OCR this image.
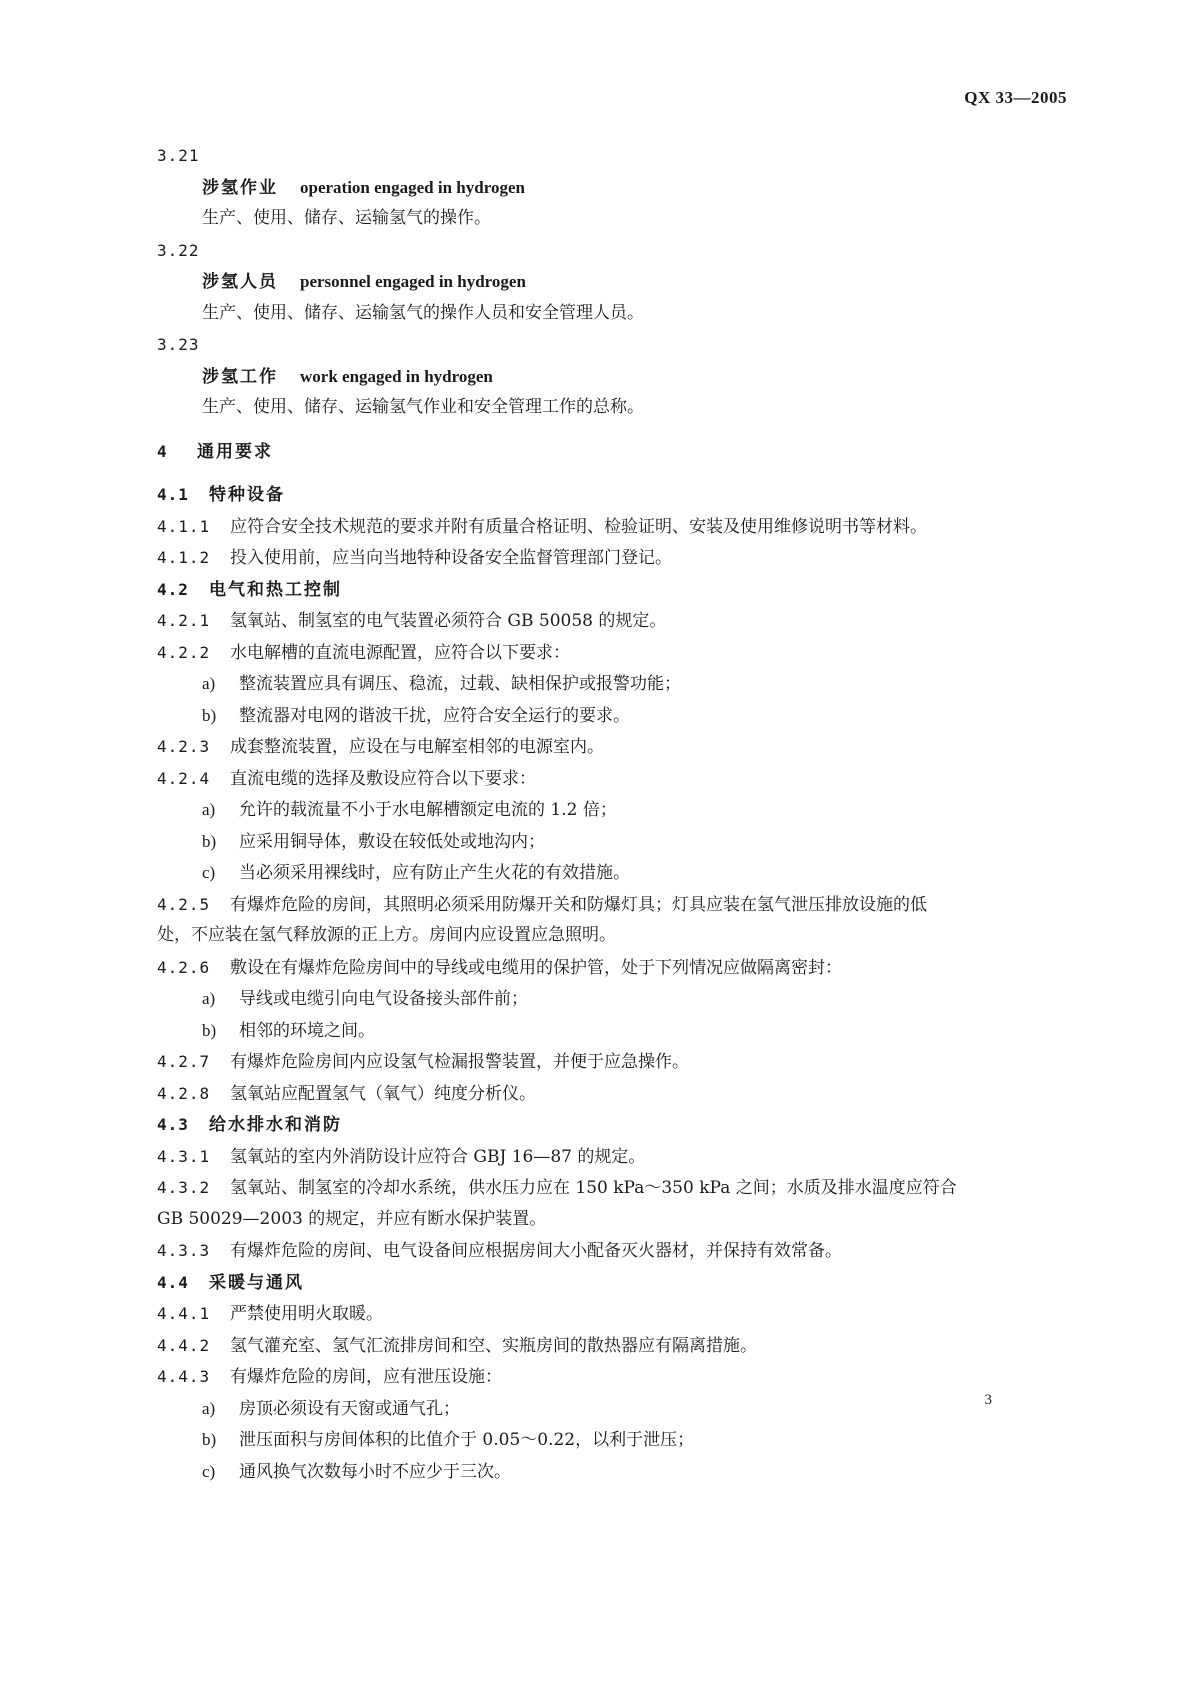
QX 33—2005
3.21
涉氢作业 operation engaged in hydrogen
生产、使用、储存、运输氢气的操作。
3.22
涉氢人员 personnel engaged in hydrogen
生产、使用、储存、运输氢气的操作人员和安全管理人员。
3.23
涉氢工作 work engaged in hydrogen
生产、使用、储存、运输氢气作业和安全管理工作的总称。
4 通用要求
4.1 特种设备
4.1.1 应符合安全技术规范的要求并附有质量合格证明、检验证明、安装及使用维修说明书等材料。
4.1.2 投入使用前，应当向当地特种设备安全监督管理部门登记。
4.2 电气和热工控制
4.2.1 氢氧站、制氢室的电气装置必须符合 GB 50058 的规定。
4.2.2 水电解槽的直流电源配置，应符合以下要求：
a) 整流装置应具有调压、稳流，过载、缺相保护或报警功能；
b) 整流器对电网的谐波干扰，应符合安全运行的要求。
4.2.3 成套整流装置，应设在与电解室相邻的电源室内。
4.2.4 直流电缆的选择及敷设应符合以下要求：
a) 允许的载流量不小于水电解槽额定电流的 1.2 倍；
b) 应采用铜导体，敷设在较低处或地沟内；
c) 当必须采用裸线时，应有防止产生火花的有效措施。
4.2.5 有爆炸危险的房间，其照明必须采用防爆开关和防爆灯具；灯具应装在氢气泄压排放设施的低
处，不应装在氢气释放源的正上方。房间内应设置应急照明。
4.2.6 敷设在有爆炸危险房间中的导线或电缆用的保护管，处于下列情况应做隔离密封：
a) 导线或电缆引向电气设备接头部件前；
b) 相邻的环境之间。
4.2.7 有爆炸危险房间内应设氢气检漏报警装置，并便于应急操作。
4.2.8 氢氧站应配置氢气（氧气）纯度分析仪。
4.3 给水排水和消防
4.3.1 氢氧站的室内外消防设计应符合 GBJ 16—87 的规定。
4.3.2 氢氧站、制氢室的冷却水系统，供水压力应在 150 kPa～350 kPa 之间；水质及排水温度应符合
GB 50029—2003 的规定，并应有断水保护装置。
4.3.3 有爆炸危险的房间、电气设备间应根据房间大小配备灭火器材，并保持有效常备。
4.4 采暖与通风
4.4.1 严禁使用明火取暖。
4.4.2 氢气灌充室、氢气汇流排房间和空、实瓶房间的散热器应有隔离措施。
4.4.3 有爆炸危险的房间，应有泄压设施：
a) 房顶必须设有天窗或通气孔；
b) 泄压面积与房间体积的比值介于 0.05～0.22，以利于泄压；
c) 通风换气次数每小时不应少于三次。
3
